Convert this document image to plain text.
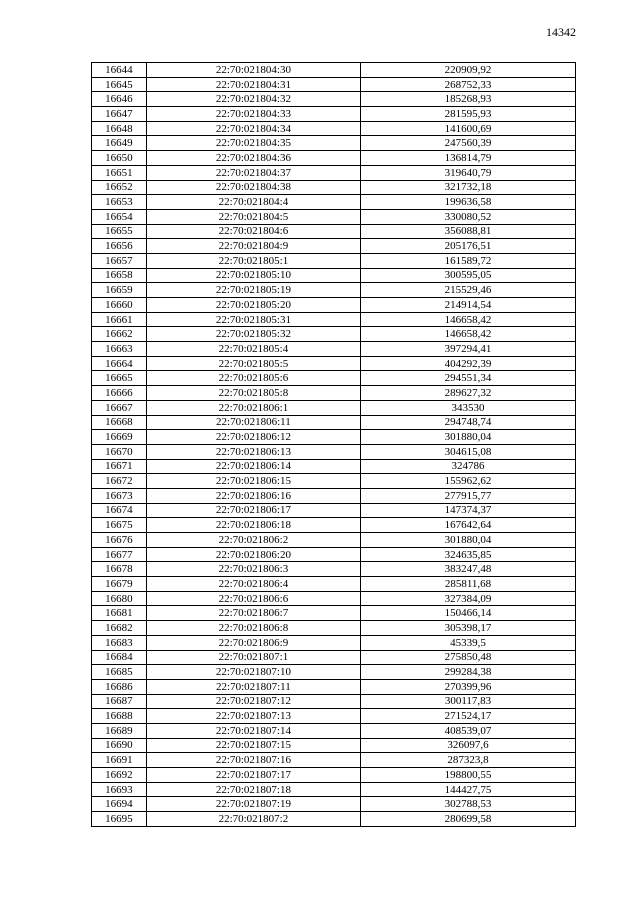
14342
16644	22:70:021804:30	220909,92
16645	22:70:021804:31	268752,33
16646	22:70:021804:32	185268,93
16647	22:70:021804:33	281595,93
16648	22:70:021804:34	141600,69
16649	22:70:021804:35	247560,39
16650	22:70:021804:36	136814,79
16651	22:70:021804:37	319640,79
16652	22:70:021804:38	321732,18
16653	22:70:021804:4	199636,58
16654	22:70:021804:5	330080,52
16655	22:70:021804:6	356088,81
16656	22:70:021804:9	205176,51
16657	22:70:021805:1	161589,72
16658	22:70:021805:10	300595,05
16659	22:70:021805:19	215529,46
16660	22:70:021805:20	214914,54
16661	22:70:021805:31	146658,42
16662	22:70:021805:32	146658,42
16663	22:70:021805:4	397294,41
16664	22:70:021805:5	404292,39
16665	22:70:021805:6	294551,34
16666	22:70:021805:8	289627,32
16667	22:70:021806:1	343530
16668	22:70:021806:11	294748,74
16669	22:70:021806:12	301880,04
16670	22:70:021806:13	304615,08
16671	22:70:021806:14	324786
16672	22:70:021806:15	155962,62
16673	22:70:021806:16	277915,77
16674	22:70:021806:17	147374,37
16675	22:70:021806:18	167642,64
16676	22:70:021806:2	301880,04
16677	22:70:021806:20	324635,85
16678	22:70:021806:3	383247,48
16679	22:70:021806:4	285811,68
16680	22:70:021806:6	327384,09
16681	22:70:021806:7	150466,14
16682	22:70:021806:8	305398,17
16683	22:70:021806:9	45339,5
16684	22:70:021807:1	275850,48
16685	22:70:021807:10	299284,38
16686	22:70:021807:11	270399,96
16687	22:70:021807:12	300117,83
16688	22:70:021807:13	271524,17
16689	22:70:021807:14	408539,07
16690	22:70:021807:15	326097,6
16691	22:70:021807:16	287323,8
16692	22:70:021807:17	198800,55
16693	22:70:021807:18	144427,75
16694	22:70:021807:19	302788,53
16695	22:70:021807:2	280699,58
